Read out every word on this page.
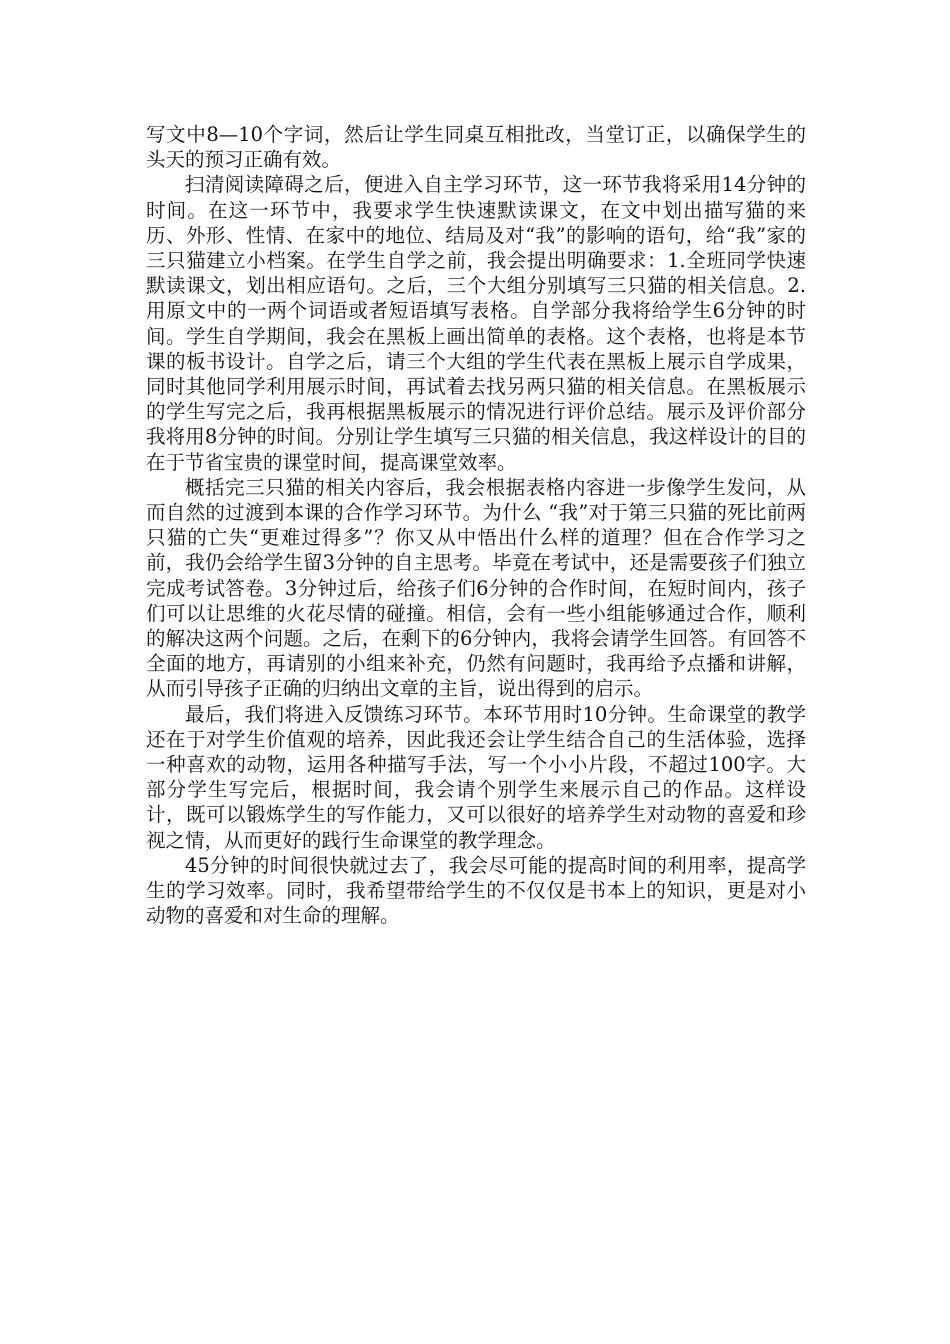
写文中8—10个字词，然后让学生同桌互相批改，当堂订正，以确保学生的头天的预习正确有效。

扫清阅读障碍之后，便进入自主学习环节，这一环节我将采用14分钟的时间。在这一环节中，我要求学生快速默读课文，在文中划出描写猫的来历、外形、性情、在家中的地位、结局及对“我”的影响的语句，给“我”家的三只猫建立小档案。在学生自学之前，我会提出明确要求：1.全班同学快速默读课文，划出相应语句。之后，三个大组分别填写三只猫的相关信息。2.用原文中的一两个词语或者短语填写表格。自学部分我将给学生6分钟的时间。学生自学期间，我会在黑板上画出简单的表格。这个表格，也将是本节课的板书设计。自学之后，请三个大组的学生代表在黑板上展示自学成果，同时其他同学利用展示时间，再试着去找另两只猫的相关信息。在黑板展示的学生写完之后，我再根据黑板展示的情况进行评价总结。展示及评价部分我将用8分钟的时间。分别让学生填写三只猫的相关信息，我这样设计的目的在于节省宝贵的课堂时间，提高课堂效率。

概括完三只猫的相关内容后，我会根据表格内容进一步像学生发问，从而自然的过渡到本课的合作学习环节。为什么 “我”对于第三只猫的死比前两只猫的亡失“更难过得多”？你又从中悟出什么样的道理？但在合作学习之前，我仍会给学生留3分钟的自主思考。毕竟在考试中，还是需要孩子们独立完成考试答卷。3分钟过后，给孩子们6分钟的合作时间，在短时间内，孩子们可以让思维的火花尽情的碰撞。相信，会有一些小组能够通过合作，顺利的解决这两个问题。之后，在剩下的6分钟内，我将会请学生回答。有回答不全面的地方，再请别的小组来补充，仍然有问题时，我再给予点播和讲解，从而引导孩子正确的归纳出文章的主旨，说出得到的启示。

最后，我们将进入反馈练习环节。本环节用时10分钟。生命课堂的教学还在于对学生价值观的培养，因此我还会让学生结合自己的生活体验，选择一种喜欢的动物，运用各种描写手法，写一个小小片段，不超过100字。大部分学生写完后，根据时间，我会请个别学生来展示自己的作品。这样设计，既可以锻炼学生的写作能力，又可以很好的培养学生对动物的喜爱和珍视之情，从而更好的践行生命课堂的教学理念。

45分钟的时间很快就过去了，我会尽可能的提高时间的利用率，提高学生的学习效率。同时，我希望带给学生的不仅仅是书本上的知识，更是对小动物的喜爱和对生命的理解。
